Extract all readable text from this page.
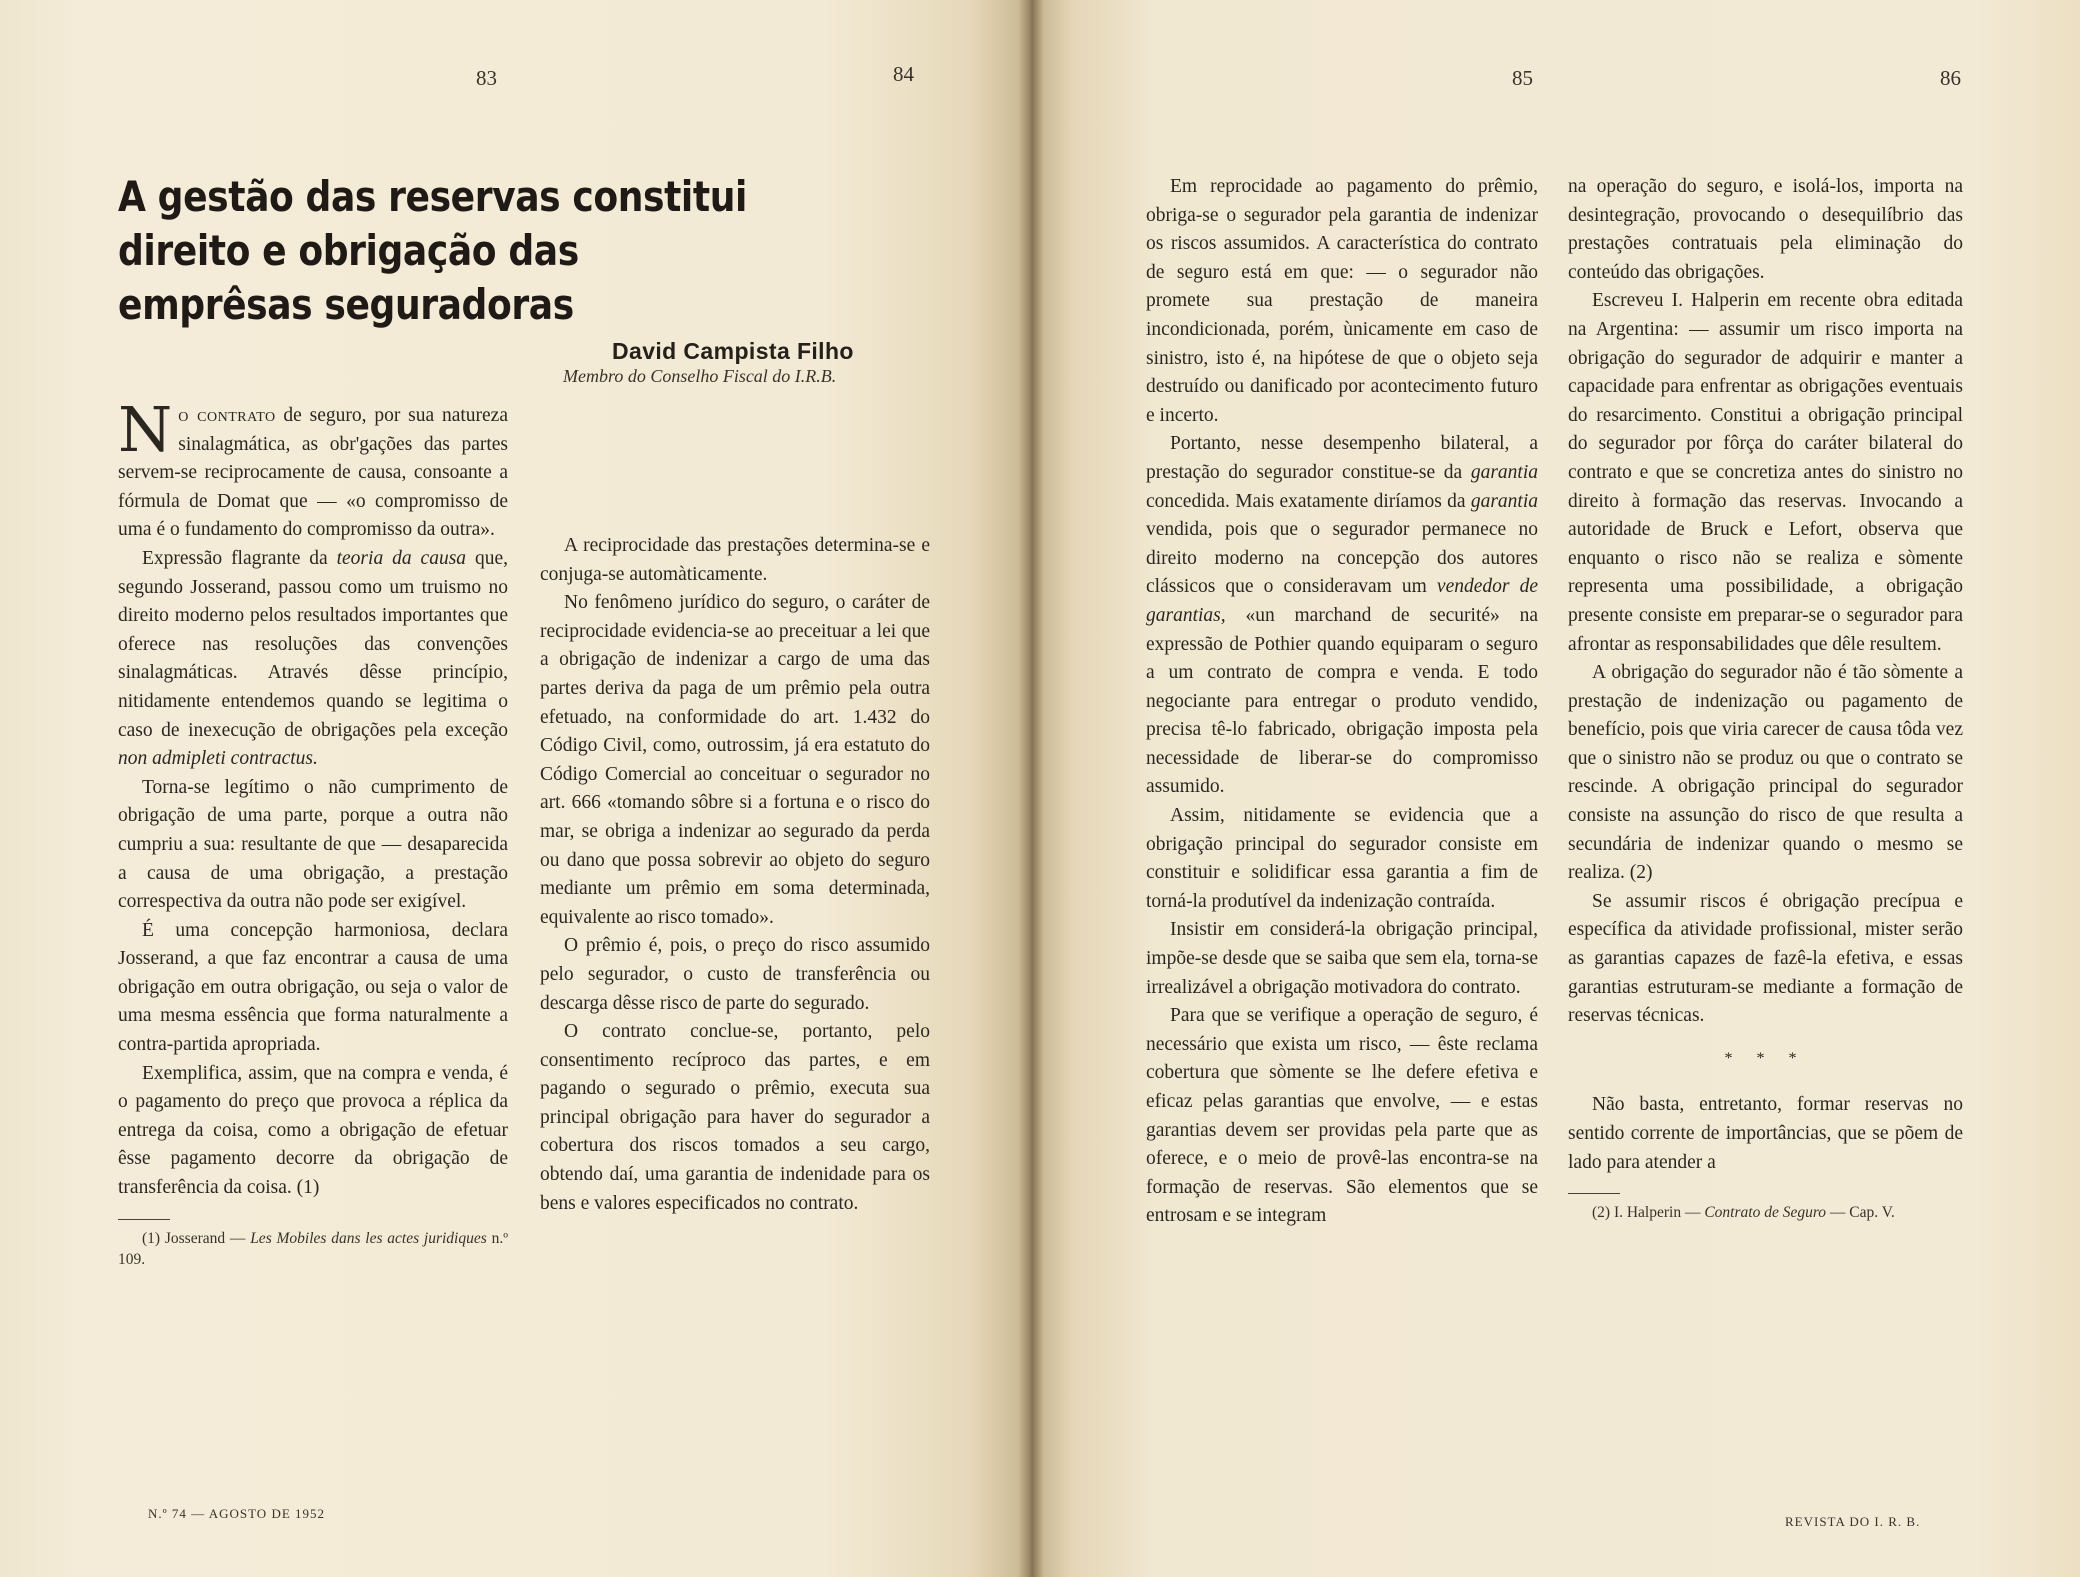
83	84
A gestão das reservas constitui direito e obrigação das emprêsas seguradoras
David Campista Filho
Membro do Conselho Fiscal do I.R.B.

No contrato de seguro, por sua natureza sinalagmática, as obr'gações das partes servem-se reciprocamente de causa, consoante a fórmula de Domat que — «o compromisso de uma é o fundamento do compromisso da outra».

Expressão flagrante da teoria da causa que, segundo Josserand, passou como um truismo no direito moderno pelos resultados importantes que oferece nas resoluções das convenções sinalagmáticas. Através dêsse princípio, nitidamente entendemos quando se legitima o caso de inexecução de obrigações pela exceção non admipleti contractus.

Torna-se legítimo o não cumprimento de obrigação de uma parte, porque a outra não cumpriu a sua: resultante de que — desaparecida a causa de uma obrigação, a prestação correspectiva da outra não pode ser exigível.

É uma concepção harmoniosa, declara Josserand, a que faz encontrar a causa de uma obrigação em outra obrigação, ou seja o valor de uma mesma essência que forma naturalmente a contra-partida apropriada.

Exemplifica, assim, que na compra e venda, é o pagamento do preço que provoca a réplica da entrega da coisa, como a obrigação de efetuar êsse pagamento decorre da obrigação de transferência da coisa. (1)

(1) Josserand — Les Mobiles dans les actes juridiques n.º 109.

A reciprocidade das prestações determina-se e conjuga-se automàticamente.

No fenômeno jurídico do seguro, o caráter de reciprocidade evidencia-se ao preceituar a lei que a obrigação de indenizar a cargo de uma das partes deriva da paga de um prêmio pela outra efetuado, na conformidade do art. 1.432 do Código Civil, como, outrossim, já era estatuto do Código Comercial ao conceituar o segurador no art. 666 «tomando sôbre si a fortuna e o risco do mar, se obriga a indenizar ao segurado da perda ou dano que possa sobrevir ao objeto do seguro mediante um prêmio em soma determinada, equivalente ao risco tomado».

O prêmio é, pois, o preço do risco assumido pelo segurador, o custo de transferência ou descarga dêsse risco de parte do segurado.

O contrato conclue-se, portanto, pelo consentimento recíproco das partes, e em pagando o segurado o prêmio, executa sua principal obrigação para haver do segurador a cobertura dos riscos tomados a seu cargo, obtendo daí, uma garantia de indenidade para os bens e valores especificados no contrato.

N.º 74 — AGOSTO DE 1952
85	86
REVISTA DO I. R. B.

Em reprocidade ao pagamento do prêmio, obriga-se o segurador pela garantia de indenizar os riscos assumidos. A característica do contrato de seguro está em que: — o segurador não promete sua prestação de maneira incondicionada, porém, ùnicamente em caso de sinistro, isto é, na hipótese de que o objeto seja destruído ou danificado por acontecimento futuro e incerto.

Portanto, nesse desempenho bilateral, a prestação do segurador constitue-se da garantia concedida. Mais exatamente diríamos da garantia vendida, pois que o segurador permanece no direito moderno na concepção dos autores clássicos que o consideravam um vendedor de garantias, «un marchand de securité» na expressão de Pothier quando equiparam o seguro a um contrato de compra e venda. E todo negociante para entregar o produto vendido, precisa tê-lo fabricado, obrigação imposta pela necessidade de liberar-se do compromisso assumido.

Assim, nitidamente se evidencia que a obrigação principal do segurador consiste em constituir e solidificar essa garantia a fim de torná-la produtível da indenização contraída.

Insistir em considerá-la obrigação principal, impõe-se desde que se saiba que sem ela, torna-se irrealizável a obrigação motivadora do contrato.

Para que se verifique a operação de seguro, é necessário que exista um risco, — êste reclama cobertura que sòmente se lhe defere efetiva e eficaz pelas garantias que envolve, — e estas garantias devem ser providas pela parte que as oferece, e o meio de provê-las encontra-se na formação de reservas. São elementos que se entrosam e se integram

na operação do seguro, e isolá-los, importa na desintegração, provocando o desequilíbrio das prestações contratuais pela eliminação do conteúdo das obrigações.

Escreveu I. Halperin em recente obra editada na Argentina: — assumir um risco importa na obrigação do segurador de adquirir e manter a capacidade para enfrentar as obrigações eventuais do resarcimento. Constitui a obrigação principal do segurador por fôrça do caráter bilateral do contrato e que se concretiza antes do sinistro no direito à formação das reservas. Invocando a autoridade de Bruck e Lefort, observa que enquanto o risco não se realiza e sòmente representa uma possibilidade, a obrigação presente consiste em preparar-se o segurador para afrontar as responsabilidades que dêle resultem.

A obrigação do segurador não é tão sòmente a prestação de indenização ou pagamento de benefício, pois que viria carecer de causa tôda vez que o sinistro não se produz ou que o contrato se rescinde. A obrigação principal do segurador consiste na assunção do risco de que resulta a secundária de indenizar quando o mesmo se realiza. (2)

Se assumir riscos é obrigação precípua e específica da atividade profissional, mister serão as garantias capazes de fazê-la efetiva, e essas garantias estruturam-se mediante a formação de reservas técnicas.

* * *

Não basta, entretanto, formar reservas no sentido corrente de importâncias, que se põem de lado para atender a

(2) I. Halperin — Contrato de Seguro — Cap. V.
